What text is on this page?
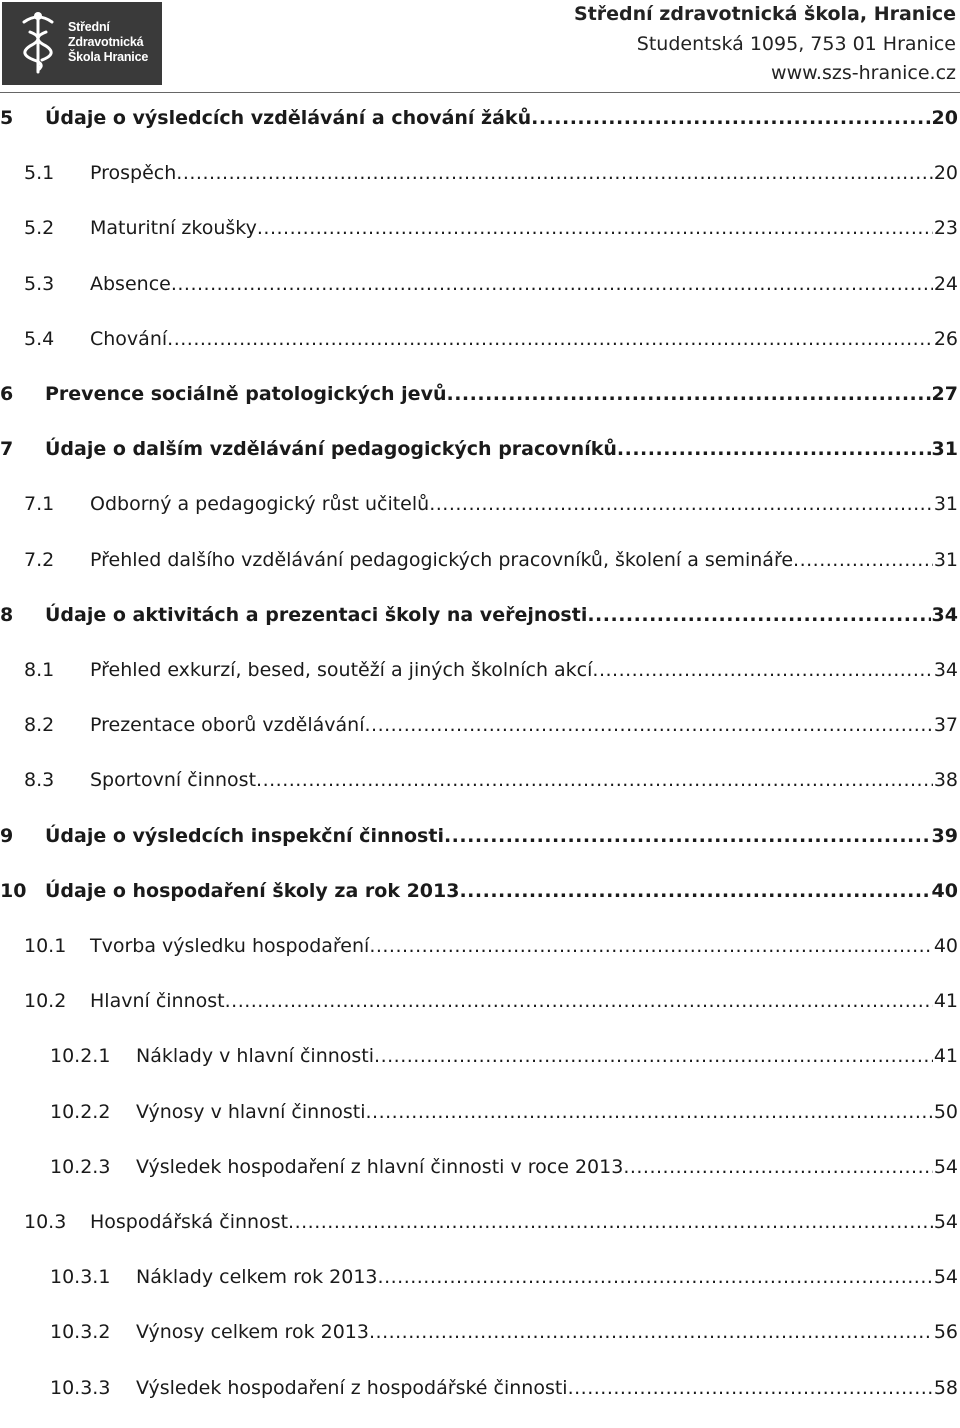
Střední
Zdravotnická
Škola Hranice
Střední zdravotnická škola, Hranice
Studentská 1095, 753 01 Hranice
www.szs-hranice.cz
5 Údaje o výsledcích vzdělávání a chování žáků .....	20
5.1 Prospěch .....	20
5.2 Maturitní zkoušky .....	23
5.3 Absence .....	24
5.4 Chování .....	26
6 Prevence sociálně patologických jevů .....	27
7 Údaje o dalším vzdělávání pedagogických pracovníků .....	31
7.1 Odborný a pedagogický růst učitelů .....	31
7.2 Přehled dalšího vzdělávání pedagogických pracovníků, školení a semináře .....	31
8 Údaje o aktivitách a prezentaci školy na veřejnosti .....	34
8.1 Přehled exkurzí, besed, soutěží a jiných školních akcí .....	34
8.2 Prezentace oborů vzdělávání .....	37
8.3 Sportovní činnost .....	38
9 Údaje o výsledcích inspekční činnosti .....	39
10 Údaje o hospodaření školy za rok 2013 .....	40
10.1 Tvorba výsledku hospodaření .....	40
10.2 Hlavní činnost .....	41
10.2.1 Náklady v hlavní činnosti .....	41
10.2.2 Výnosy v hlavní činnosti .....	50
10.2.3 Výsledek hospodaření z hlavní činnosti v roce 2013 .....	54
10.3 Hospodářská činnost .....	54
10.3.1 Náklady celkem rok 2013 .....	54
10.3.2 Výnosy celkem rok 2013 .....	56
10.3.3 Výsledek hospodaření z hospodářské činnosti .....	58
